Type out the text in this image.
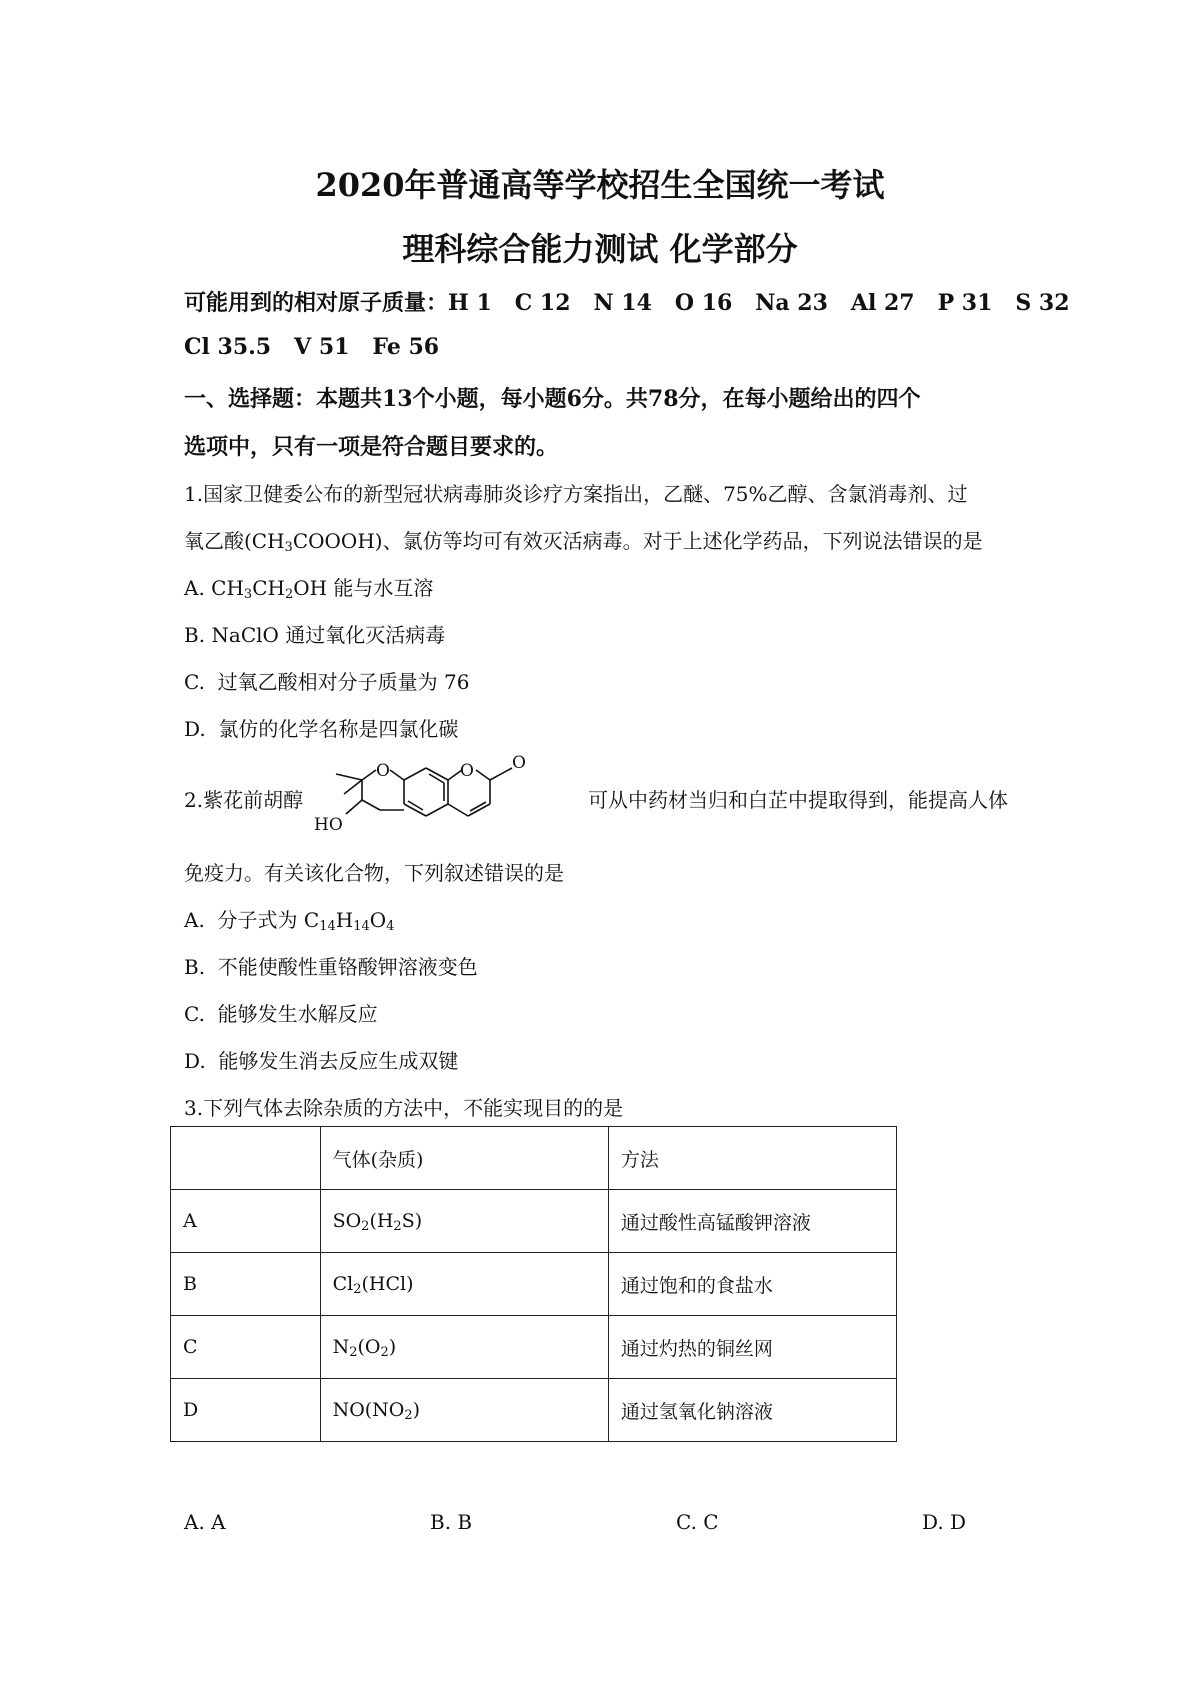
2020年普通高等学校招生全国统一考试
理科综合能力测试 化学部分
可能用到的相对原子质量：H 1   C 12   N 14   O 16   Na 23   Al 27   P 31   S 32
Cl 35.5   V 51   Fe 56
一、选择题：本题共13个小题，每小题6分。共78分，在每小题给出的四个
选项中，只有一项是符合题目要求的。
1.国家卫健委公布的新型冠状病毒肺炎诊疗方案指出，乙醚、75%乙醇、含氯消毒剂、过
氧乙酸$(CH_3COOOH)$、氯仿等均可有效灭活病毒。对于上述化学药品，下列说法错误的是
A. $CH_3CH_2OH$ 能与水互溶
B. NaClO 通过氧化灭活病毒
C.  过氧乙酸相对分子质量为 76
D.  氯仿的化学名称是四氯化碳
2.紫花前胡醇
O	O O
HO
可从中药材当归和白芷中提取得到，能提高人体
免疫力。有关该化合物，下列叙述错误的是
A.  分子式为 $C_{14}H_{14}O_4$
B.  不能使酸性重铬酸钾溶液变色
C.  能够发生水解反应
D.  能够发生消去反应生成双键
3.下列气体去除杂质的方法中，不能实现目的的是
	气体(杂质)	方法
A	$SO_2(H_2S)$	通过酸性高锰酸钾溶液
B	$Cl_2(HCl)$	通过饱和的食盐水
C	$N_2(O_2)$	通过灼热的铜丝网
D	$NO(NO_2)$	通过氢氧化钠溶液
A. A	B. B	C. C	D. D
